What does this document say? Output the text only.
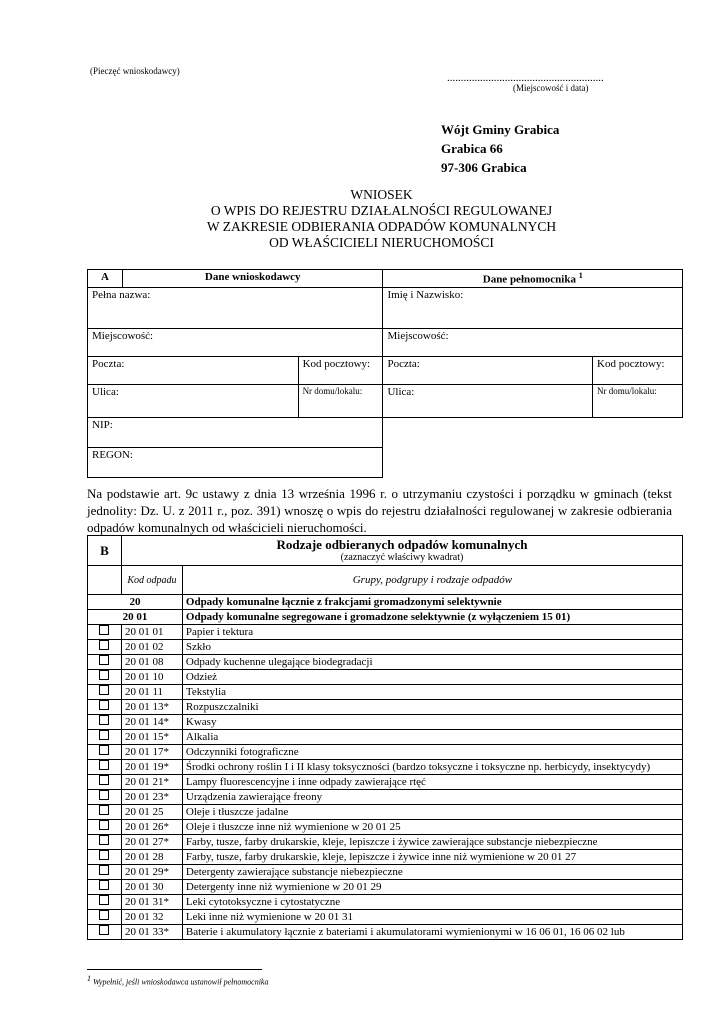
(Pieczęć wnioskodawcy)
.........................................................
(Miejscowość i data)
Wójt Gminy Grabica
Grabica 66
97-306 Grabica
WNIOSEK
O WPIS DO REJESTRU DZIAŁALNOŚCI REGULOWANEJ
W ZAKRESIE ODBIERANIA ODPADÓW KOMUNALNYCH
OD WŁAŚCICIELI NIERUCHOMOŚCI
A	Dane wnioskodawcy		Dane pełnomocnika $^1$
Pełna nazwa:			Imię i Nazwisko:	
Miejscowość:			Miejscowość:	
Poczta:		Kod pocztowy:	Poczta:	Kod pocztowy:
Ulica:		Nr domu/lokalu:	Ulica:	Nr domu/lokalu:
NIP:				
REGON:				
Na podstawie art. 9c ustawy z dnia 13 września 1996 r. o utrzymaniu czystości i porządku w gminach (tekst jednolity: Dz. U. z 2011 r., poz. 391) wnoszę o wpis do rejestru działalności regulowanej w zakresie odbierania odpadów komunalnych od właścicieli nieruchomości.
B	Rodzaje odbieranych odpadów komunalnych
(zaznaczyć właściwy kwadrat)	

	Kod odpadu	Grupy, podgrupy i rodzaje odpadów
20		Odpady komunalne łącznie z frakcjami gromadzonymi selektywnie
20 01		Odpady komunalne segregowane i gromadzone selektywnie (z wyłączeniem 15 01)
	20 01 01	Papier i tektura
	20 01 02	Szkło
	20 01 08	Odpady kuchenne ulegające biodegradacji
	20 01 10	Odzież
	20 01 11	Tekstylia
	20 01 13*	Rozpuszczalniki
	20 01 14*	Kwasy
	20 01 15*	Alkalia
	20 01 17*	Odczynniki fotograficzne
	20 01 19*	Środki ochrony roślin I i II klasy toksyczności (bardzo toksyczne i toksyczne np. herbicydy, insektycydy)
	20 01 21*	Lampy fluorescencyjne i inne odpady zawierające rtęć
	20 01 23*	Urządzenia zawierające freony
	20 01 25	Oleje i tłuszcze jadalne
	20 01 26*	Oleje i tłuszcze inne niż wymienione w 20 01 25
	20 01 27*	Farby, tusze, farby drukarskie, kleje, lepiszcze i żywice zawierające substancje niebezpieczne
	20 01 28	Farby, tusze, farby drukarskie, kleje, lepiszcze i żywice inne niż wymienione w 20 01 27
	20 01 29*	Detergenty zawierające substancje niebezpieczne
	20 01 30	Detergenty inne niż wymienione w 20 01 29
	20 01 31*	Leki cytotoksyczne i cytostatyczne
	20 01 32	Leki inne niż wymienione w 20 01 31
	20 01 33*	Baterie i akumulatory łącznie z bateriami i akumulatorami wymienionymi w 16 06 01, 16 06 02 lub
$^1$ Wypełnić, jeśli wnioskodawca ustanowił pełnomocnika
